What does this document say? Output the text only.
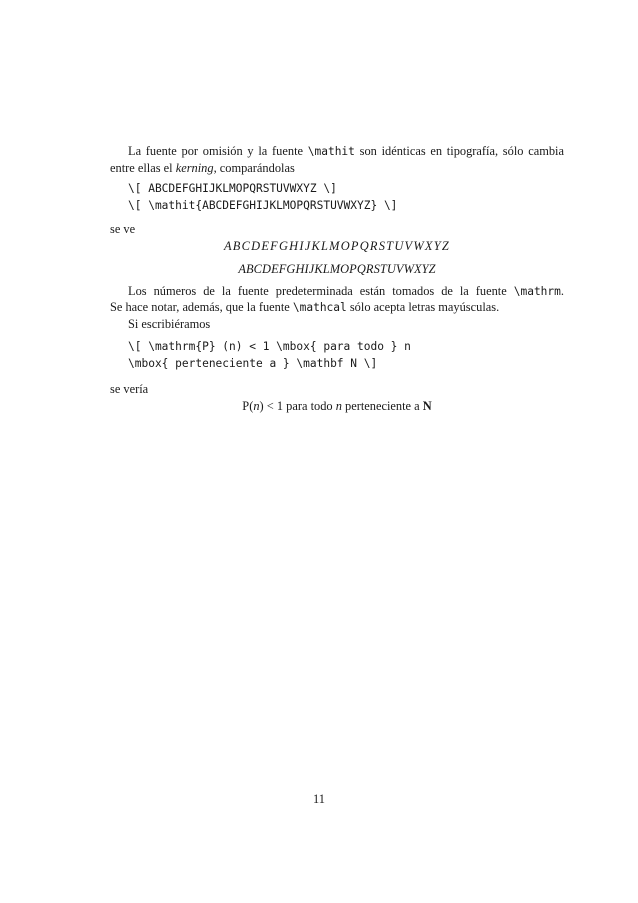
La fuente por omisión y la fuente \mathit son idénticas en tipografía, sólo cambia
entre ellas el kerning, comparándolas
\[ ABCDEFGHIJKLMOPQRSTUVWXYZ \]
\[ \mathit{ABCDEFGHIJKLMOPQRSTUVWXYZ} \]
se ve
ABCDEFGHIJKLMOPQRSTUVWXYZ
ABCDEFGHIJKLMOPQRSTUVWXYZ
Los números de la fuente predeterminada están tomados de la fuente \mathrm.
Se hace notar, además, que la fuente \mathcal sólo acepta letras mayúsculas.
Si escribiéramos
\[ \mathrm{P} (n) < 1 \mbox{ para todo } n
\mbox{ perteneciente a } \mathbf N \]
se vería
P(n) < 1 para todo n perteneciente a N
11
